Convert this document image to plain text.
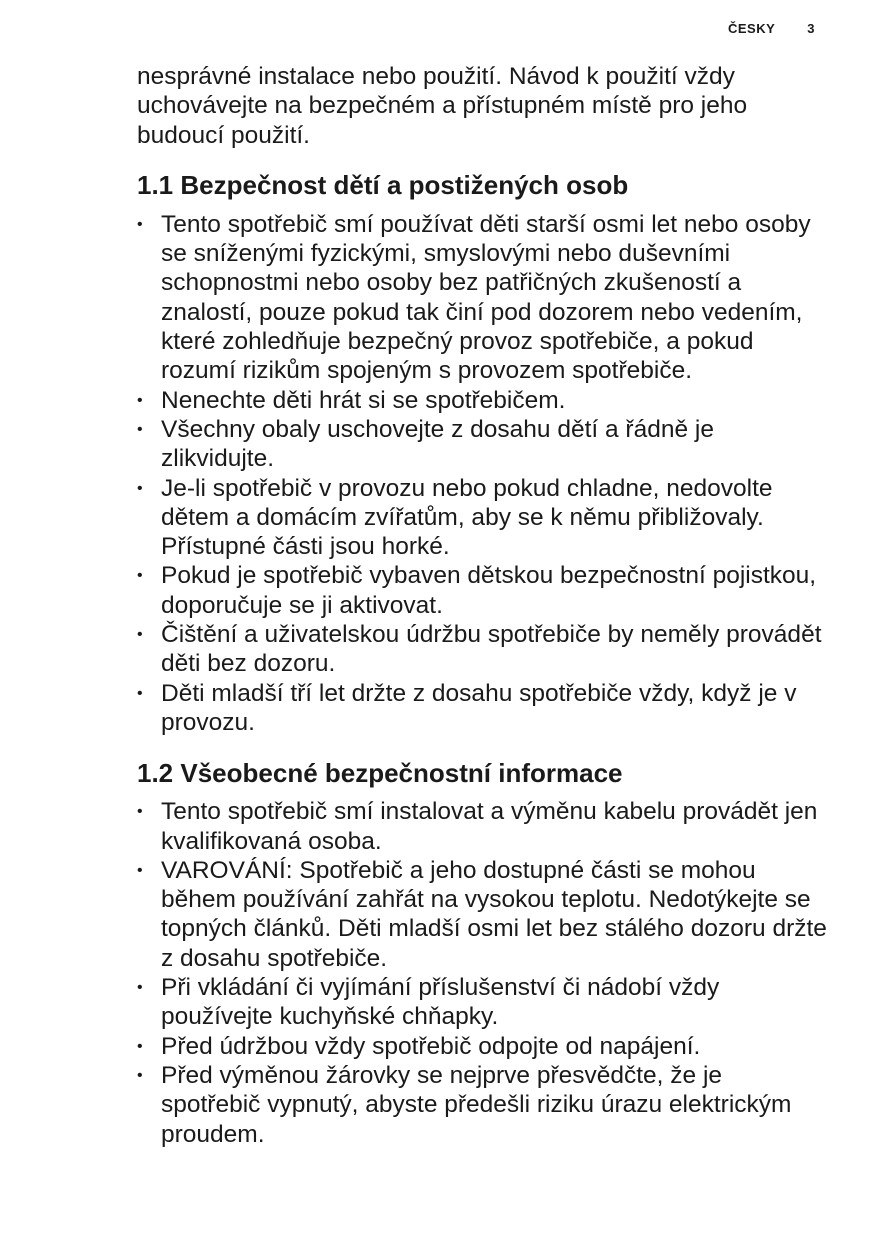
ČESKY 3

nesprávné instalace nebo použití. Návod k použití vždy uchovávejte na bezpečném a přístupném místě pro jeho budoucí použití.

1.1 Bezpečnost dětí a postižených osob
• Tento spotřebič smí používat děti starší osmi let nebo osoby se sníženými fyzickými, smyslovými nebo duševními schopnostmi nebo osoby bez patřičných zkušeností a znalostí, pouze pokud tak činí pod dozorem nebo vedením, které zohledňuje bezpečný provoz spotřebiče, a pokud rozumí rizikům spojeným s provozem spotřebiče.
• Nenechte děti hrát si se spotřebičem.
• Všechny obaly uschovejte z dosahu dětí a řádně je zlikvidujte.
• Je-li spotřebič v provozu nebo pokud chladne, nedovolte dětem a domácím zvířatům, aby se k němu přibližovaly. Přístupné části jsou horké.
• Pokud je spotřebič vybaven dětskou bezpečnostní pojistkou, doporučuje se ji aktivovat.
• Čištění a uživatelskou údržbu spotřebiče by neměly provádět děti bez dozoru.
• Děti mladší tří let držte z dosahu spotřebiče vždy, když je v provozu.
1.2 Všeobecné bezpečnostní informace
• Tento spotřebič smí instalovat a výměnu kabelu provádět jen kvalifikovaná osoba.
• VAROVÁNÍ: Spotřebič a jeho dostupné části se mohou během používání zahřát na vysokou teplotu. Nedotýkejte se topných článků. Děti mladší osmi let bez stálého dozoru držte z dosahu spotřebiče.
• Při vkládání či vyjímání příslušenství či nádobí vždy používejte kuchyňské chňapky.
• Před údržbou vždy spotřebič odpojte od napájení.
• Před výměnou žárovky se nejprve přesvědčte, že je spotřebič vypnutý, abyste předešli riziku úrazu elektrickým proudem.
